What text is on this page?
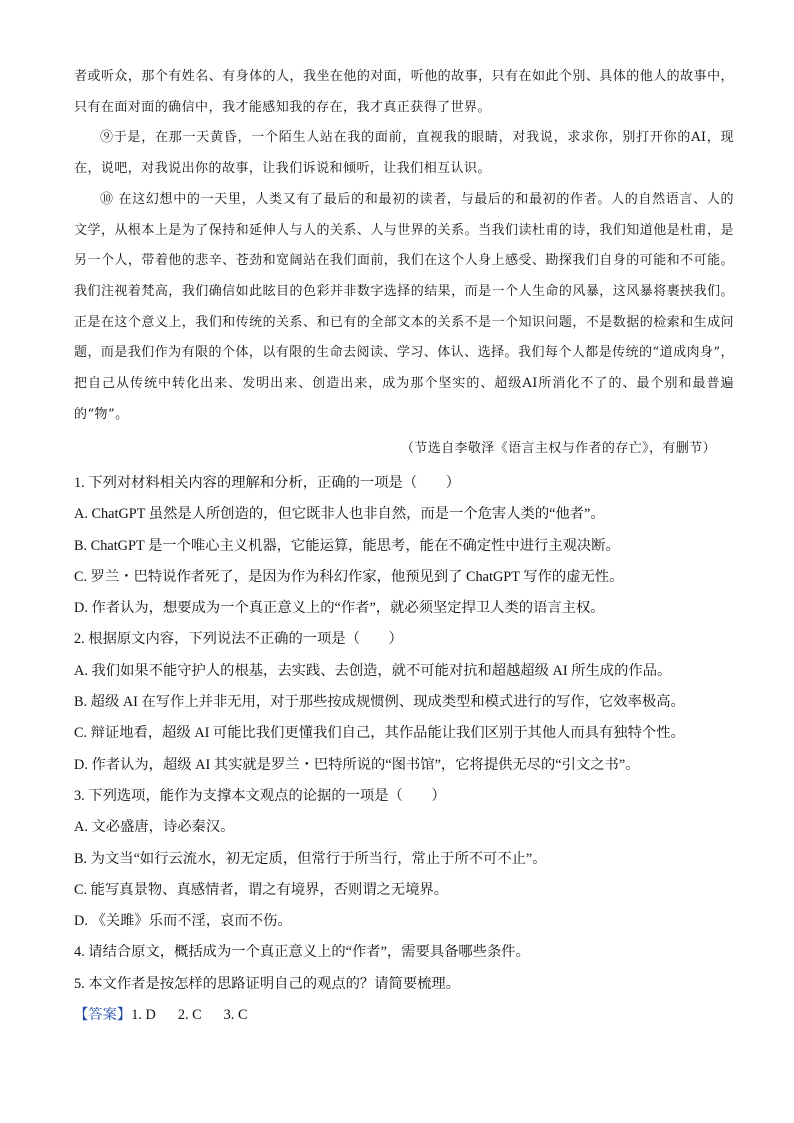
者或听众，那个有姓名、有身体的人，我坐在他的对面，听他的故事，只有在如此个别、具体的他人的故事中，只有在面对面的确信中，我才能感知我的存在，我才真正获得了世界。

⑨于是，在那一天黄昏，一个陌生人站在我的面前，直视我的眼睛，对我说，求求你，别打开你的AI，现在，说吧，对我说出你的故事，让我们诉说和倾听，让我们相互认识。

⑩ 在这幻想中的一天里，人类又有了最后的和最初的读者，与最后的和最初的作者。人的自然语言、人的文学，从根本上是为了保持和延伸人与人的关系、人与世界的关系。当我们读杜甫的诗，我们知道他是杜甫，是另一个人，带着他的悲辛、苍劲和宽阔站在我们面前，我们在这个人身上感受、勘探我们自身的可能和不可能。我们注视着梵高，我们确信如此眩目的色彩并非数字选择的结果，而是一个人生命的风暴，这风暴将裹挟我们。正是在这个意义上，我们和传统的关系、和已有的全部文本的关系不是一个知识问题，不是数据的检索和生成问题，而是我们作为有限的个体，以有限的生命去阅读、学习、体认、选择。我们每个人都是传统的“道成肉身”，把自己从传统中转化出来、发明出来、创造出来，成为那个坚实的、超级AI所消化不了的、最个别和最普遍的“物”。

（节选自李敬泽《语言主权与作者的存亡》，有删节）
1. 下列对材料相关内容的理解和分析，正确的一项是（　　）
A. ChatGPT 虽然是人所创造的，但它既非人也非自然，而是一个危害人类的“他者”。
B. ChatGPT 是一个唯心主义机器，它能运算，能思考，能在不确定性中进行主观决断。
C. 罗兰・巴特说作者死了，是因为作为科幻作家，他预见到了 ChatGPT 写作的虚无性。
D. 作者认为，想要成为一个真正意义上的“作者”，就必须坚定捍卫人类的语言主权。
2. 根据原文内容，下列说法不正确的一项是（　　）
A. 我们如果不能守护人的根基，去实践、去创造，就不可能对抗和超越超级 AI 所生成的作品。
B. 超级 AI 在写作上并非无用，对于那些按成规惯例、现成类型和模式进行的写作，它效率极高。
C. 辩证地看，超级 AI 可能比我们更懂我们自己，其作品能让我们区别于其他人而具有独特个性。
D. 作者认为，超级 AI 其实就是罗兰・巴特所说的“图书馆”，它将提供无尽的“引文之书”。
3. 下列选项，能作为支撑本文观点的论据的一项是（　　）
A. 文必盛唐，诗必秦汉。
B. 为文当“如行云流水，初无定质，但常行于所当行，常止于所不可不止”。
C. 能写真景物、真感情者，谓之有境界，否则谓之无境界。
D. 《关雎》乐而不淫，哀而不伤。
4. 请结合原文，概括成为一个真正意义上的“作者”，需要具备哪些条件。
5. 本文作者是按怎样的思路证明自己的观点的？请简要梳理。
【答案】1. D 2. C 3. C
